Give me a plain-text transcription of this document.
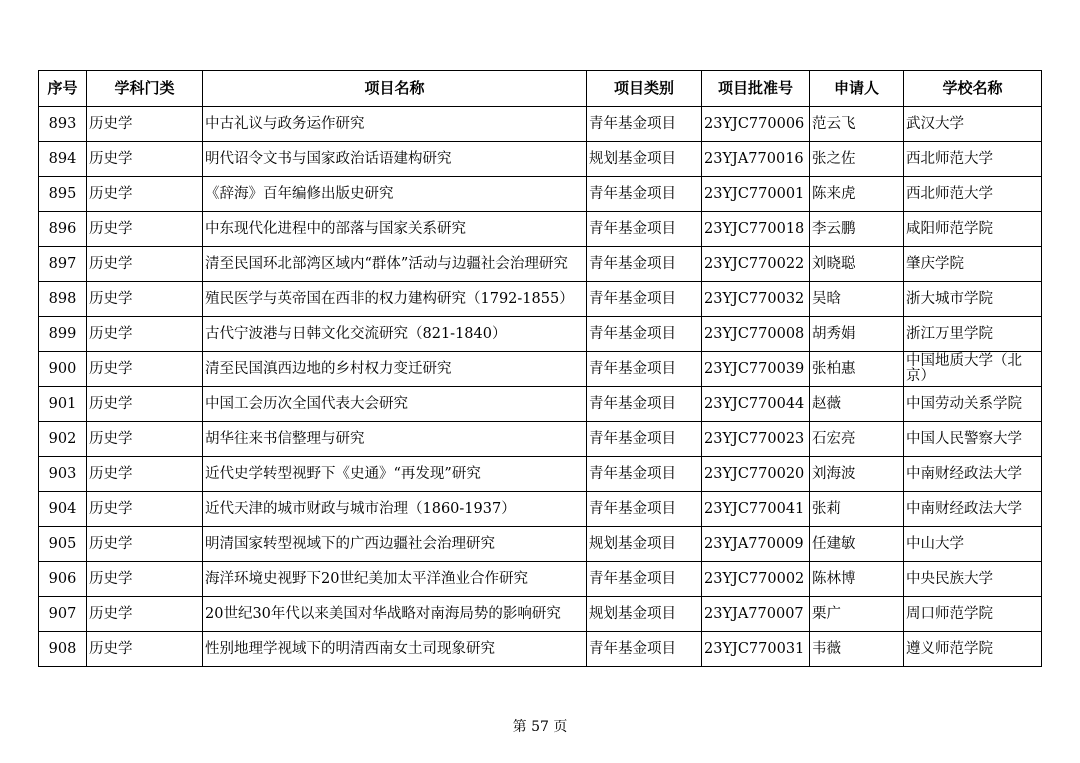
序号	学科门类	项目名称	项目类别	项目批准号	申请人	学校名称
893	历史学	中古礼议与政务运作研究	青年基金项目	23YJC770006	范云飞	武汉大学
894	历史学	明代诏令文书与国家政治话语建构研究	规划基金项目	23YJA770016	张之佐	西北师范大学
895	历史学	《辞海》百年编修出版史研究	青年基金项目	23YJC770001	陈来虎	西北师范大学
896	历史学	中东现代化进程中的部落与国家关系研究	青年基金项目	23YJC770018	李云鹏	咸阳师范学院
897	历史学	清至民国环北部湾区域内“群体”活动与边疆社会治理研究	青年基金项目	23YJC770022	刘晓聪	肇庆学院
898	历史学	殖民医学与英帝国在西非的权力建构研究（1792-1855）	青年基金项目	23YJC770032	吴晗	浙大城市学院
899	历史学	古代宁波港与日韩文化交流研究（821-1840）	青年基金项目	23YJC770008	胡秀娟	浙江万里学院
900	历史学	清至民国滇西边地的乡村权力变迁研究	青年基金项目	23YJC770039	张柏惠	中国地质大学（北京）
901	历史学	中国工会历次全国代表大会研究	青年基金项目	23YJC770044	赵薇	中国劳动关系学院
902	历史学	胡华往来书信整理与研究	青年基金项目	23YJC770023	石宏亮	中国人民警察大学
903	历史学	近代史学转型视野下《史通》“再发现”研究	青年基金项目	23YJC770020	刘海波	中南财经政法大学
904	历史学	近代天津的城市财政与城市治理（1860-1937）	青年基金项目	23YJC770041	张莉	中南财经政法大学
905	历史学	明清国家转型视域下的广西边疆社会治理研究	规划基金项目	23YJA770009	任建敏	中山大学
906	历史学	海洋环境史视野下20世纪美加太平洋渔业合作研究	青年基金项目	23YJC770002	陈林博	中央民族大学
907	历史学	20世纪30年代以来美国对华战略对南海局势的影响研究	规划基金项目	23YJA770007	栗广	周口师范学院
908	历史学	性别地理学视域下的明清西南女土司现象研究	青年基金项目	23YJC770031	韦薇	遵义师范学院
第 57 页
